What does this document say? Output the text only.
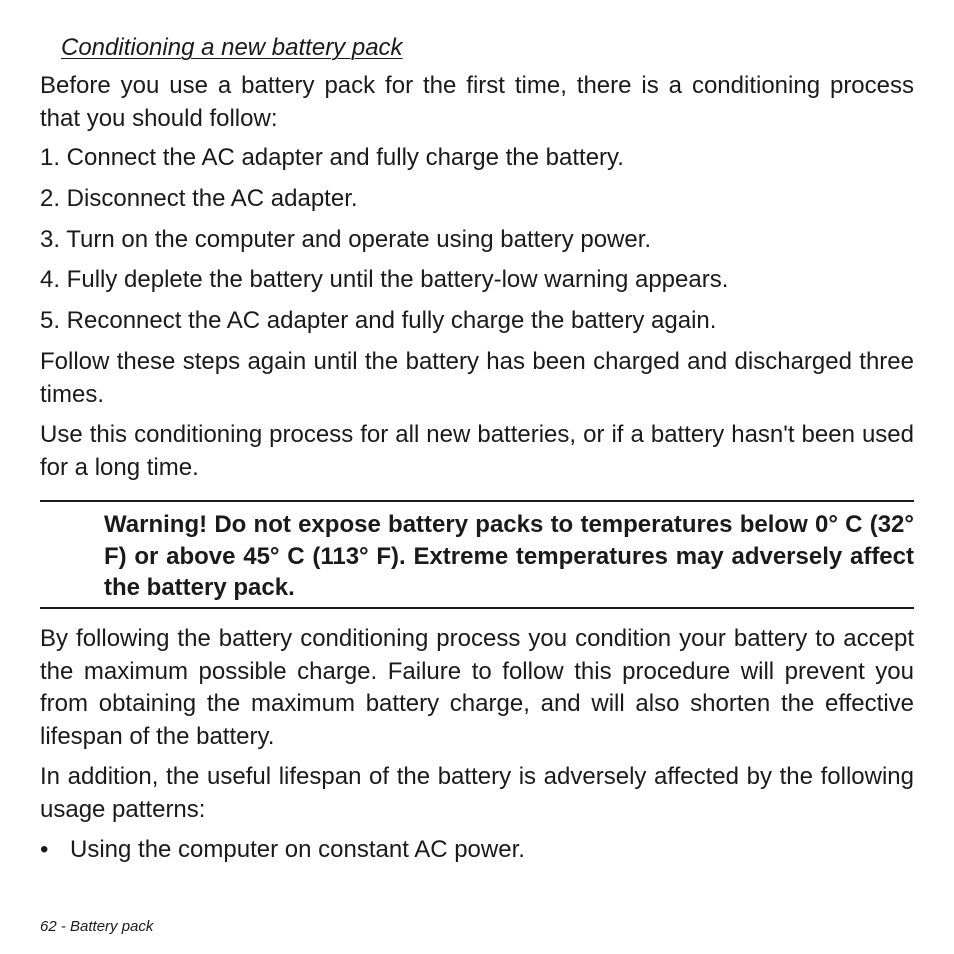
Conditioning a new battery pack

Before you use a battery pack for the first time, there is a conditioning process that you should follow:

1. Connect the AC adapter and fully charge the battery.
2. Disconnect the AC adapter.
3. Turn on the computer and operate using battery power.
4. Fully deplete the battery until the battery-low warning appears.
5. Reconnect the AC adapter and fully charge the battery again.

Follow these steps again until the battery has been charged and discharged three times.

Use this conditioning process for all new batteries, or if a battery hasn't been used for a long time.

Warning! Do not expose battery packs to temperatures below 0° C (32° F) or above 45° C (113° F). Extreme temperatures may adversely affect the battery pack.

By following the battery conditioning process you condition your battery to accept the maximum possible charge. Failure to follow this procedure will prevent you from obtaining the maximum battery charge, and will also shorten the effective lifespan of the battery.

In addition, the useful lifespan of the battery is adversely affected by the following usage patterns:

• Using the computer on constant AC power.
62 - Battery pack
